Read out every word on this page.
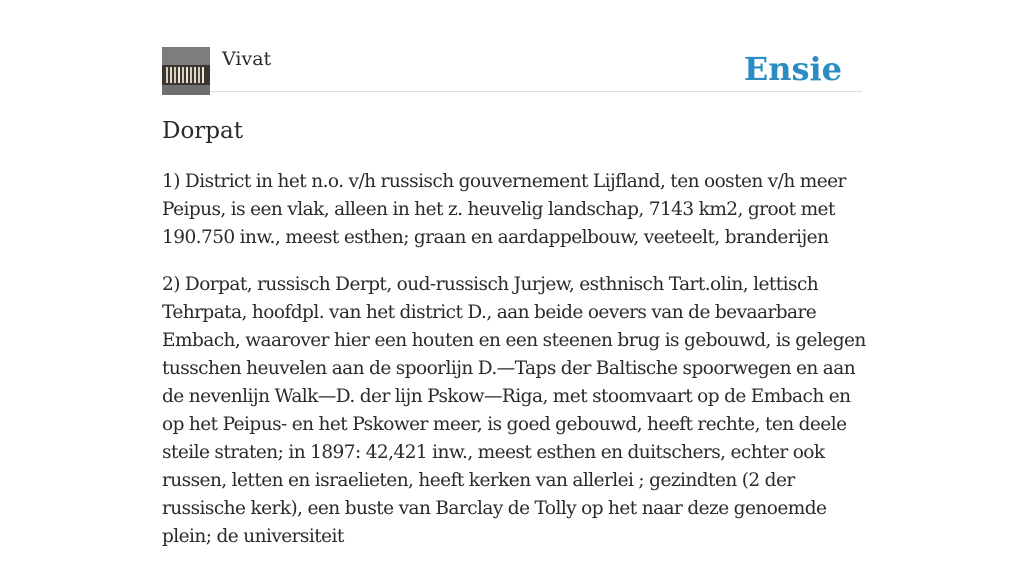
Vivat	Ensie
Dorpat

1) District in het n.o. v/h russisch gouvernement Lijfland, ten oosten v/h meer Peipus, is een vlak, alleen in het z. heuvelig landschap, 7143 km2, groot met 190.750 inw., meest esthen; graan en aardappelbouw, veeteelt, branderijen

2) Dorpat, russisch Derpt, oud-russisch Jurjew, esthnisch Tart.olin, lettisch Tehrpata, hoofdpl. van het district D., aan beide oevers van de bevaarbare Embach, waarover hier een houten en een steenen brug is gebouwd, is gelegen tusschen heuvelen aan de spoorlijn D.—Taps der Baltische spoorwegen en aan de nevenlijn Walk—D. der lijn Pskow—Riga, met stoomvaart op de Embach en op het Peipus- en het Pskower meer, is goed gebouwd, heeft rechte, ten deele steile straten; in 1897: 42,421 inw., meest esthen en duitschers, echter ook russen, letten en israelieten, heeft kerken van allerlei ; gezindten (2 der russische kerk), een buste van Barclay de Tolly op het naar deze genoemde plein; de universiteit
